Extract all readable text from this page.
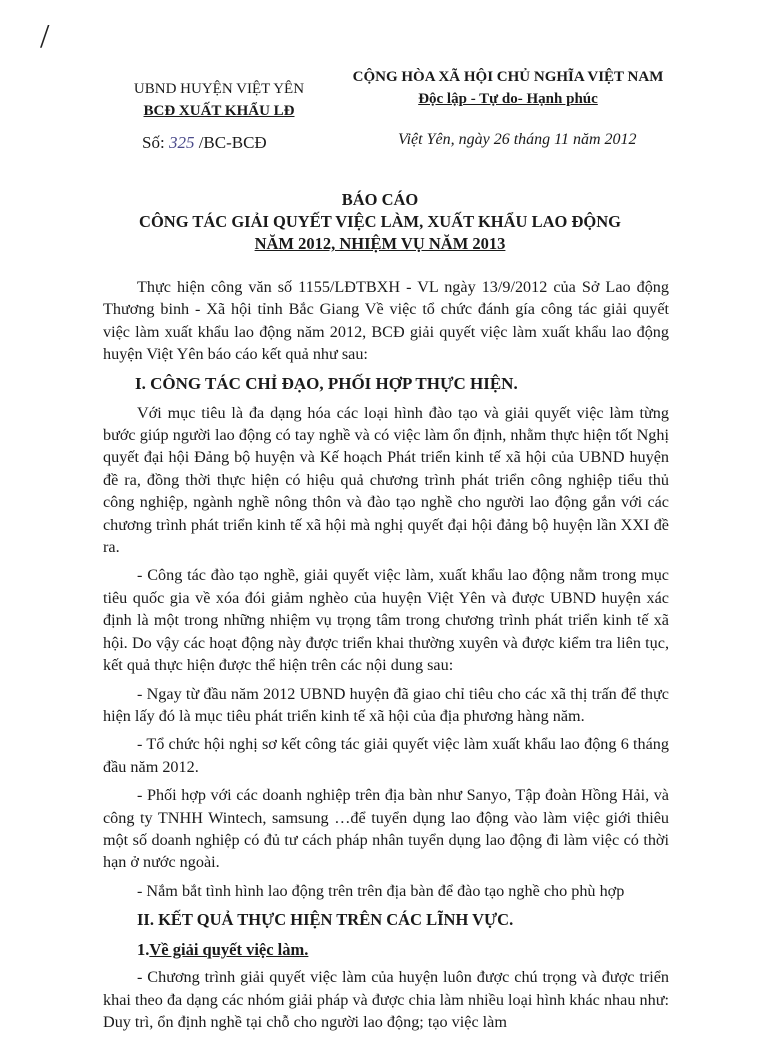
/
UBND HUYỆN VIỆT YÊN
BCĐ XUẤT KHẨU LĐ
CỘNG HÒA XÃ HỘI CHỦ NGHĨA VIỆT NAM
Độc lập - Tự do- Hạnh phúc
Số: 325 /BC-BCĐ	Việt Yên, ngày 26 tháng 11 năm 2012
BÁO CÁO
CÔNG TÁC GIẢI QUYẾT VIỆC LÀM, XUẤT KHẨU LAO ĐỘNG
NĂM 2012, NHIỆM VỤ NĂM 2013

Thực hiện công văn số 1155/LĐTBXH - VL ngày 13/9/2012 của Sở Lao động Thương binh - Xã hội tỉnh Bắc Giang Về việc tổ chức đánh gía công tác giải quyết việc làm xuất khẩu lao động năm 2012, BCĐ giải quyết việc làm xuất khẩu lao động huyện Việt Yên báo cáo kết quả như sau:

I. CÔNG TÁC CHỈ ĐẠO, PHỐI HỢP THỰC HIỆN.

Với mục tiêu là đa dạng hóa các loại hình đào tạo và giải quyết việc làm từng bước giúp người lao động có tay nghề và có việc làm ổn định, nhằm thực hiện tốt Nghị quyết đại hội Đảng bộ huyện và Kế hoạch Phát triển kinh tế xã hội của UBND huyện đề ra, đồng thời thực hiện có hiệu quả chương trình phát triển công nghiệp tiểu thủ công nghiệp, ngành nghề nông thôn và đào tạo nghề cho người lao động gắn với các chương trình phát triển kinh tế xã hội mà nghị quyết đại hội đảng bộ huyện lần XXI đề ra.

- Công tác đào tạo nghề, giải quyết việc làm, xuất khẩu lao động nằm trong mục tiêu quốc gia về xóa đói giảm nghèo của huyện Việt Yên và được UBND huyện xác định là một trong những nhiệm vụ trọng tâm trong chương trình phát triển kinh tế xã hội. Do vậy các hoạt động này được triển khai thường xuyên và được kiểm tra liên tục, kết quả thực hiện được thể hiện trên các nội dung sau:

- Ngay từ đầu năm 2012 UBND huyện đã giao chỉ tiêu cho các xã thị trấn để thực hiện lấy đó là mục tiêu phát triển kinh tế xã hội của địa phương hàng năm.

- Tổ chức hội nghị sơ kết công tác giải quyết việc làm xuất khẩu lao động 6 tháng đầu năm 2012.

- Phối hợp với các doanh nghiệp trên địa bàn như Sanyo, Tập đoàn Hồng Hải, và công ty TNHH Wintech, samsung …để tuyển dụng lao động vào làm việc giới thiêu một số doanh nghiệp có đủ tư cách pháp nhân tuyển dụng lao động đi làm việc có thời hạn ở nước ngoài.

- Nắm bắt tình hình lao động trên trên địa bàn để đào tạo nghề cho phù hợp

II. KẾT QUẢ THỰC HIỆN TRÊN CÁC LĨNH VỰC.
1.Về giải quyết việc làm.

- Chương trình giải quyết việc làm của huyện luôn được chú trọng và được triển khai theo đa dạng các nhóm giải pháp và được chia làm nhiều loại hình khác nhau như: Duy trì, ổn định nghề tại chỗ cho người lao động; tạo việc làm
